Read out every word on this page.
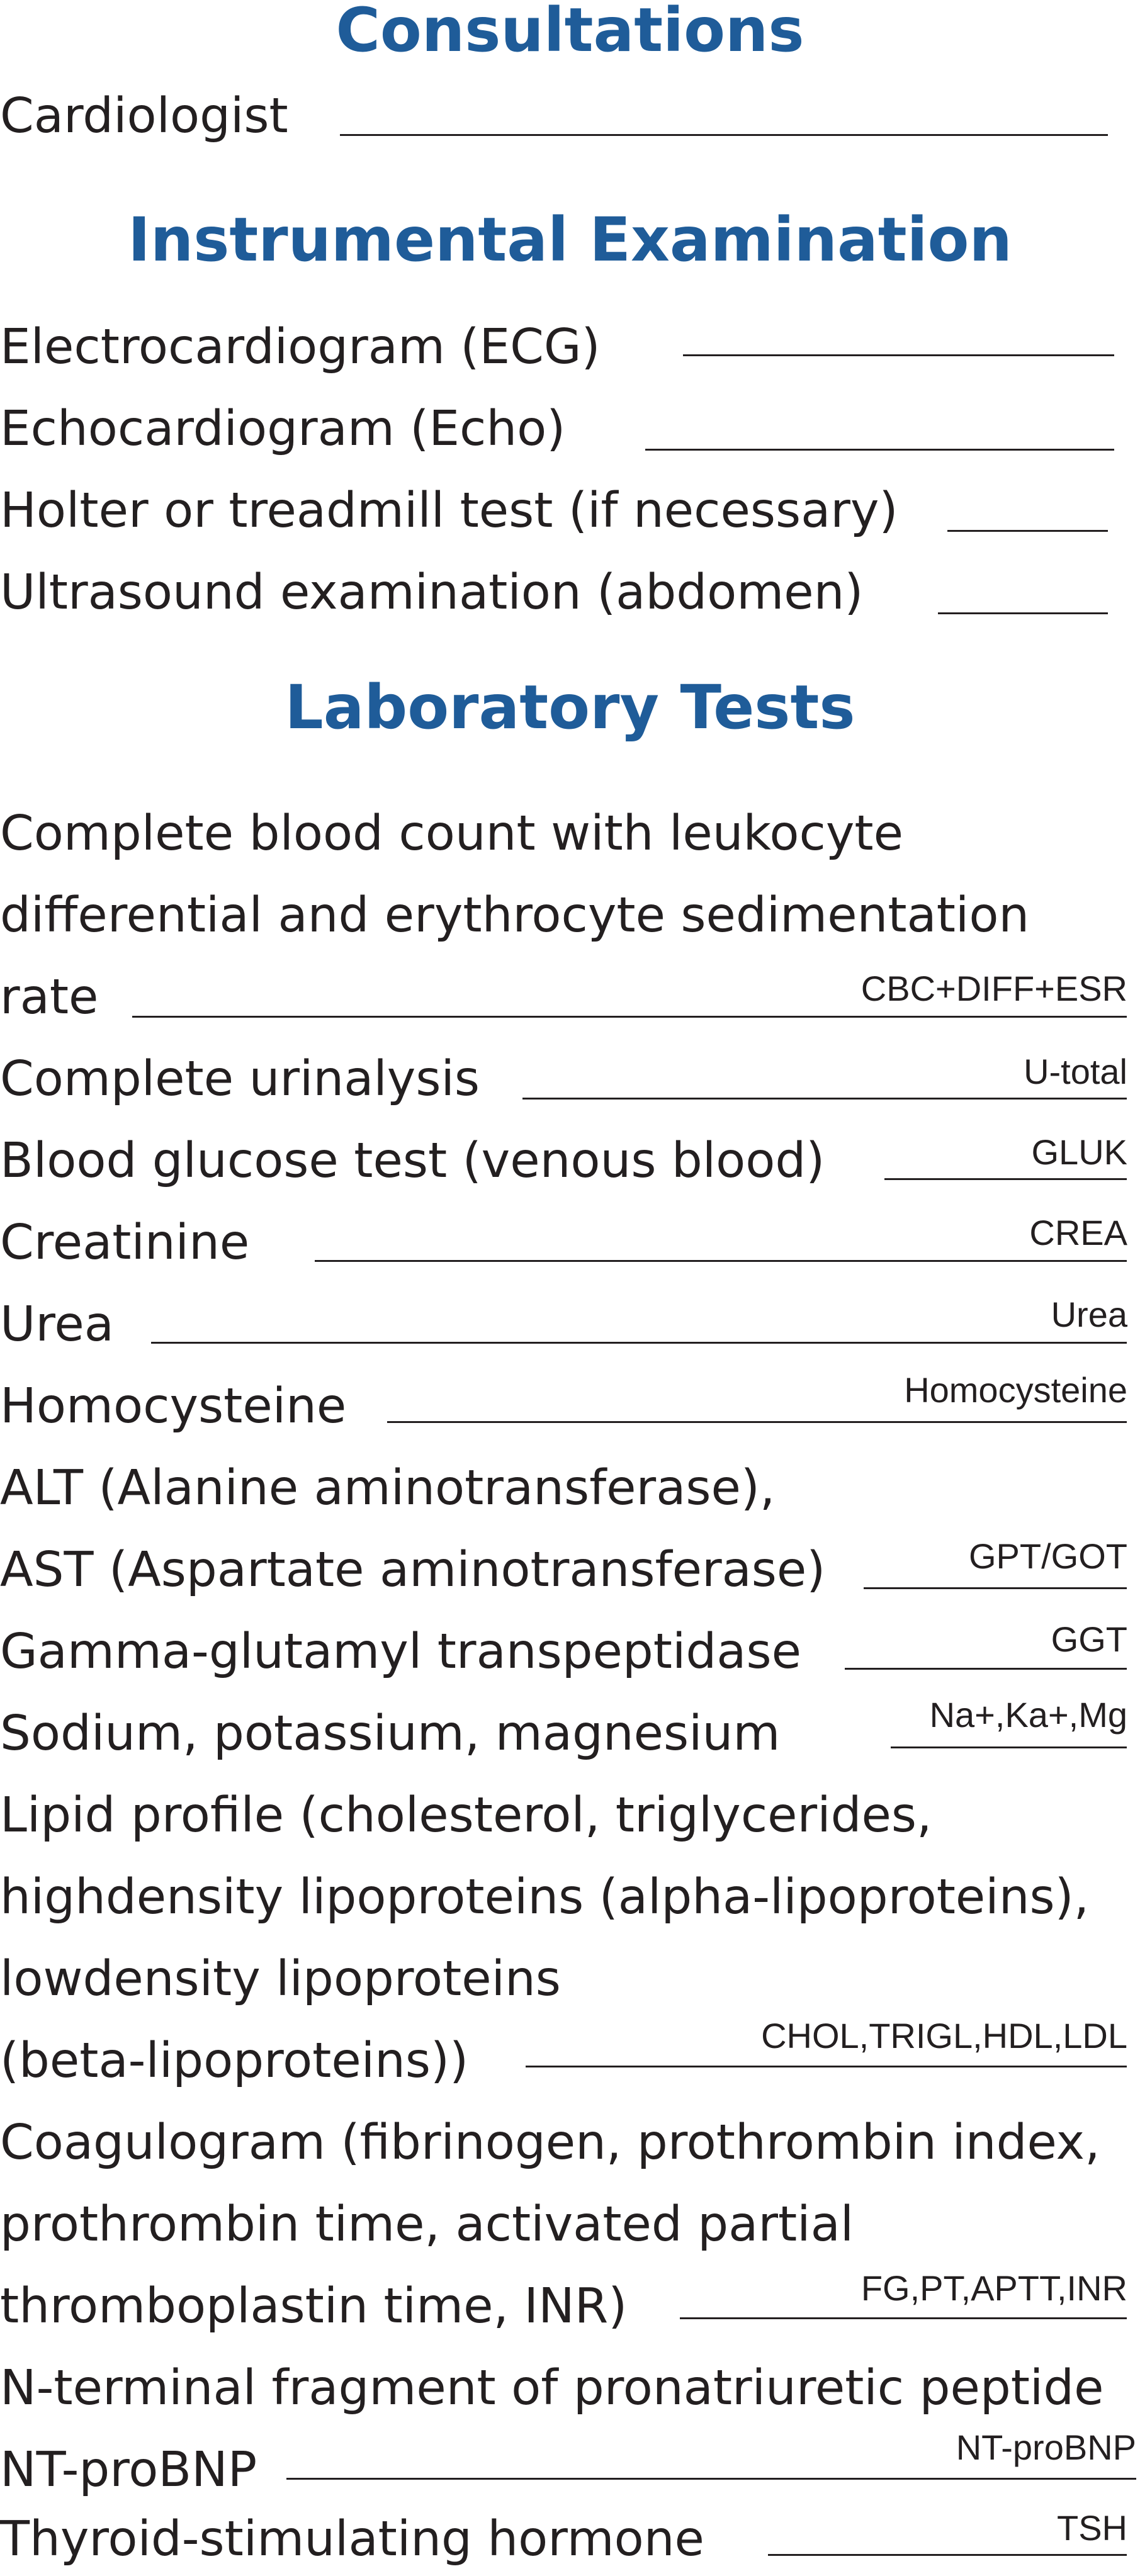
Consultations
Cardiologist
Instrumental Examination
Electrocardiogram (ECG)
Echocardiogram (Echo)
Holter or treadmill test (if necessary)
Ultrasound examination (abdomen)
Laboratory Tests
Complete blood count with leukocyte
differential and erythrocyte sedimentation
rate	CBC+DIFF+ESR
Complete urinalysis	U-total
Blood glucose test (venous blood)	GLUK
Creatinine	CREA
Urea	Urea
Homocysteine	Homocysteine
ALT (Alanine aminotransferase),
AST (Aspartate aminotransferase)	GPT/GOT
Gamma-glutamyl transpeptidase	GGT
Sodium, potassium, magnesium	Na+,Ka+,Mg
Lipid profile (cholesterol, triglycerides,
highdensity lipoproteins (alpha-lipoproteins),
lowdensity lipoproteins
(beta-lipoproteins))	CHOL,TRIGL,HDL,LDL
Coagulogram (fibrinogen, prothrombin index,
prothrombin time, activated partial
thromboplastin time, INR)	FG,PT,APTT,INR
N-terminal fragment of pronatriuretic peptide
NT-proBNP	NT-proBNP
Thyroid-stimulating hormone	TSH
